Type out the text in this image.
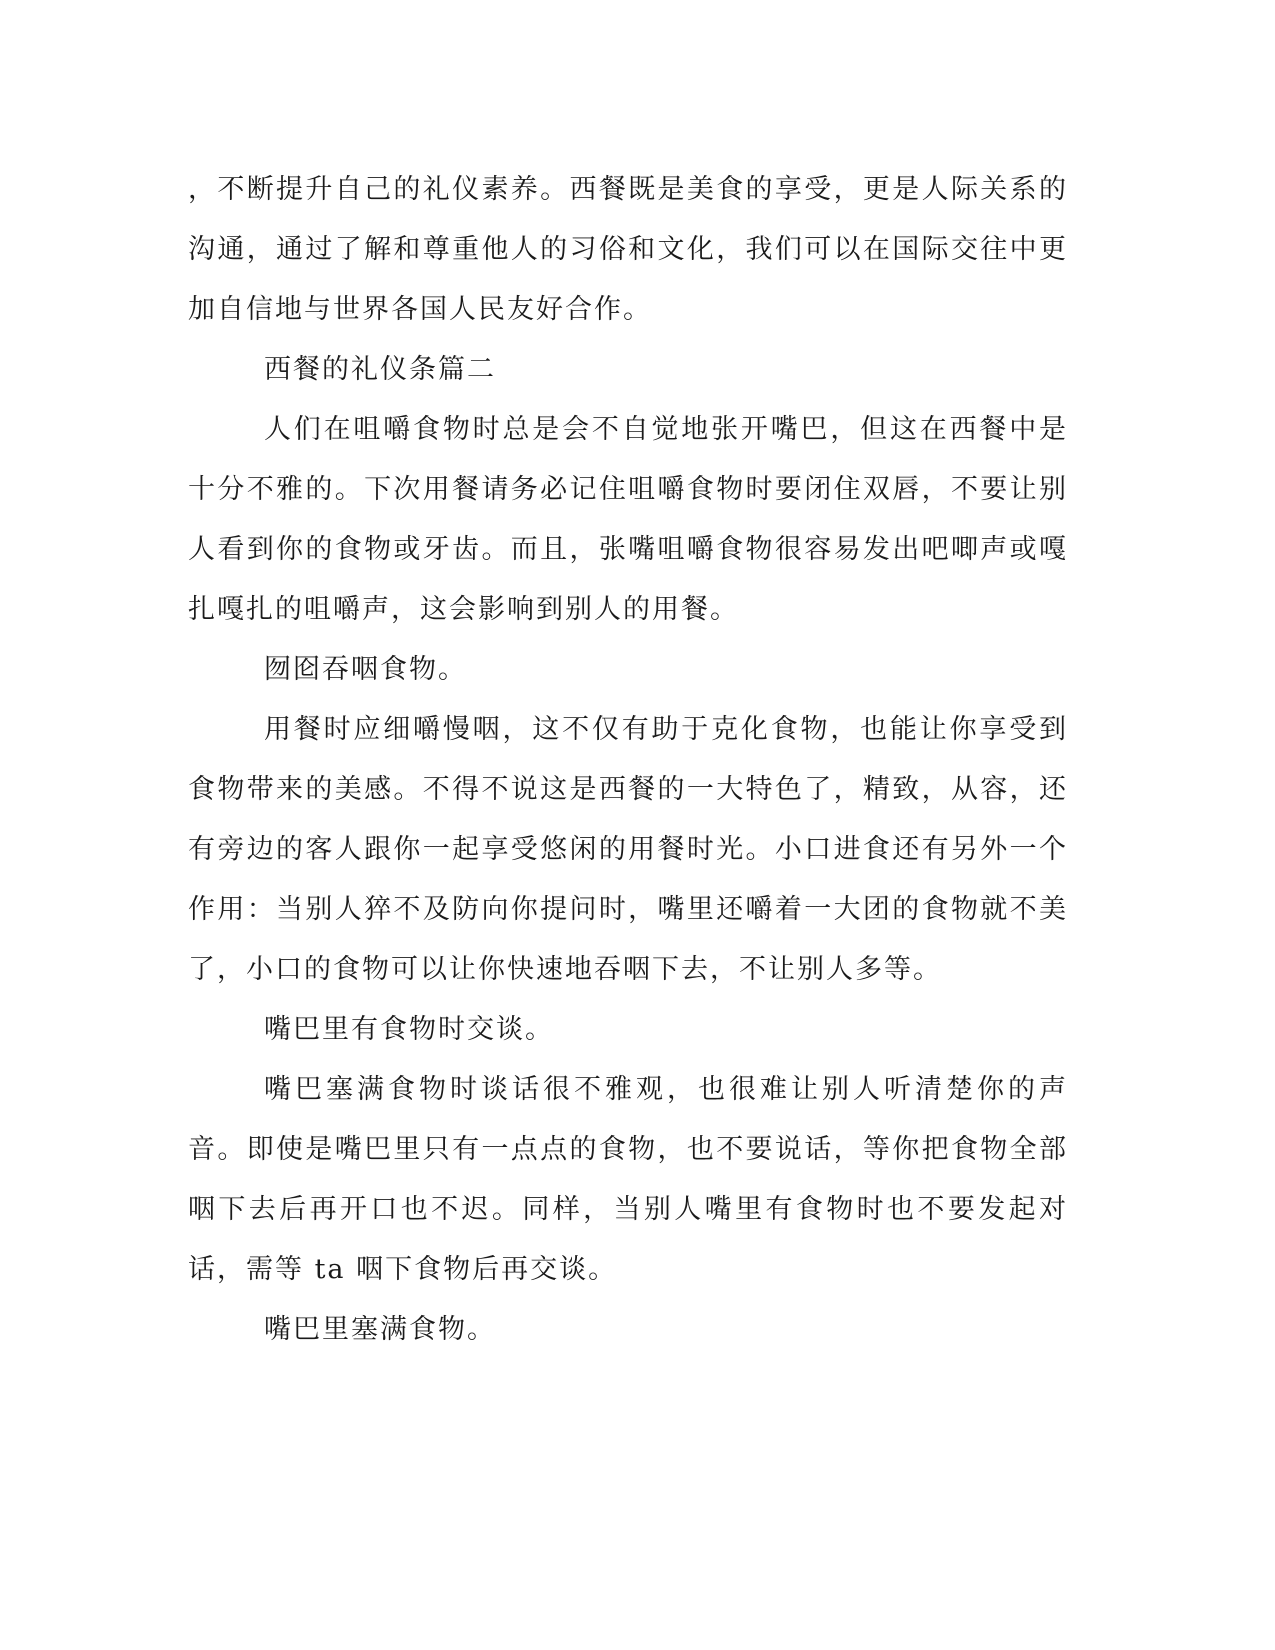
，不断提升自己的礼仪素养。西餐既是美食的享受，更是人际关系的沟通，通过了解和尊重他人的习俗和文化，我们可以在国际交往中更加自信地与世界各国人民友好合作。

西餐的礼仪条篇二

人们在咀嚼食物时总是会不自觉地张开嘴巴，但这在西餐中是十分不雅的。下次用餐请务必记住咀嚼食物时要闭住双唇，不要让别人看到你的食物或牙齿。而且，张嘴咀嚼食物很容易发出吧唧声或嘎扎嘎扎的咀嚼声，这会影响到别人的用餐。

囫囵吞咽食物。

用餐时应细嚼慢咽，这不仅有助于克化食物，也能让你享受到食物带来的美感。不得不说这是西餐的一大特色了，精致，从容，还有旁边的客人跟你一起享受悠闲的用餐时光。小口进食还有另外一个作用：当别人猝不及防向你提问时，嘴里还嚼着一大团的食物就不美了，小口的食物可以让你快速地吞咽下去，不让别人多等。

嘴巴里有食物时交谈。

嘴巴塞满食物时谈话很不雅观，也很难让别人听清楚你的声音。即使是嘴巴里只有一点点的食物，也不要说话，等你把食物全部咽下去后再开口也不迟。同样，当别人嘴里有食物时也不要发起对话，需等 ta 咽下食物后再交谈。

嘴巴里塞满食物。
